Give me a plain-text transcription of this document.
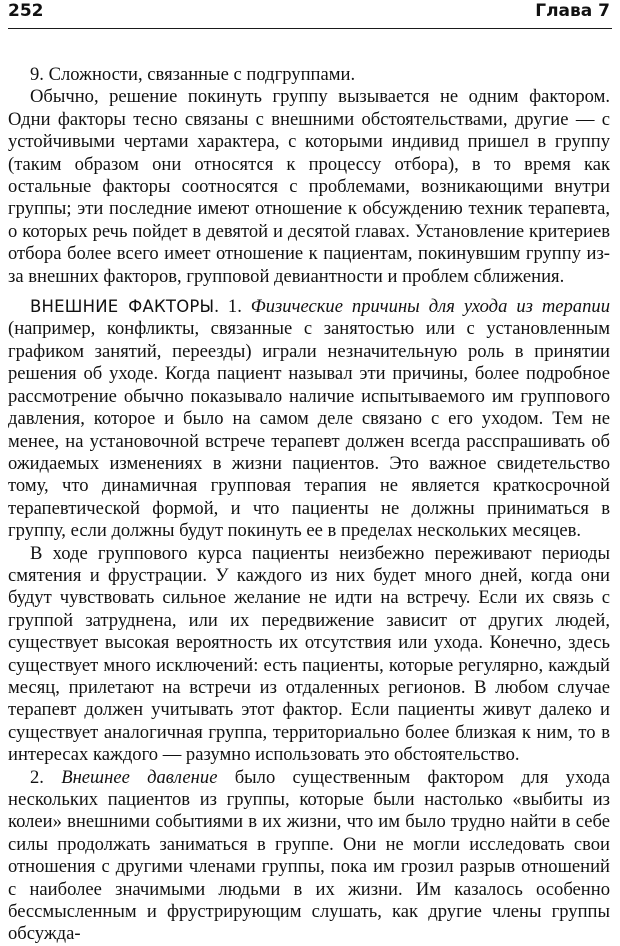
252	Глава 7

9. Сложности, связанные с подгруппами.

Обычно, решение покинуть группу вызывается не одним фактором. Одни факторы тесно связаны с внешними обстоятельствами, другие — с устойчивыми чертами характера, с которыми индивид пришел в группу (таким образом они относятся к процессу отбора), в то время как остальные факторы соотносятся с проблемами, возникающими внутри группы; эти последние имеют отношение к обсуждению техник терапевта, о которых речь пойдет в девятой и десятой главах. Установление критериев отбора более всего имеет отношение к пациентам, покинувшим группу из-за внешних факторов, групповой девиантности и проблем сближения.

ВНЕШНИЕ ФАКТОРЫ. 1. Физические причины для ухода из терапии (например, конфликты, связанные с занятостью или с установленным графиком занятий, переезды) играли незначительную роль в принятии решения об уходе. Когда пациент называл эти причины, более подробное рассмотрение обычно показывало наличие испытываемого им группового давления, которое и было на самом деле связано с его уходом. Тем не менее, на установочной встрече терапевт должен всегда расспрашивать об ожидаемых изменениях в жизни пациентов. Это важное свидетельство тому, что динамичная групповая терапия не является краткосрочной терапевтической формой, и что пациенты не должны приниматься в группу, если должны будут покинуть ее в пределах нескольких месяцев.

В ходе группового курса пациенты неизбежно переживают периоды смятения и фрустрации. У каждого из них будет много дней, когда они будут чувствовать сильное желание не идти на встречу. Если их связь с группой затруднена, или их передвижение зависит от других людей, существует высокая вероятность их отсутствия или ухода. Конечно, здесь существует много исключений: есть пациенты, которые регулярно, каждый месяц, прилетают на встречи из отдаленных регионов. В любом случае терапевт должен учитывать этот фактор. Если пациенты живут далеко и существует аналогичная группа, территориально более близкая к ним, то в интересах каждого — разумно использовать это обстоятельство.

2. Внешнее давление было существенным фактором для ухода нескольких пациентов из группы, которые были настолько «выбиты из колеи» внешними событиями в их жизни, что им было трудно найти в себе силы продолжать заниматься в группе. Они не могли исследовать свои отношения с другими членами группы, пока им грозил разрыв отношений с наиболее значимыми людьми в их жизни. Им казалось особенно бессмысленным и фрустрирующим слушать, как другие члены группы обсужда-
